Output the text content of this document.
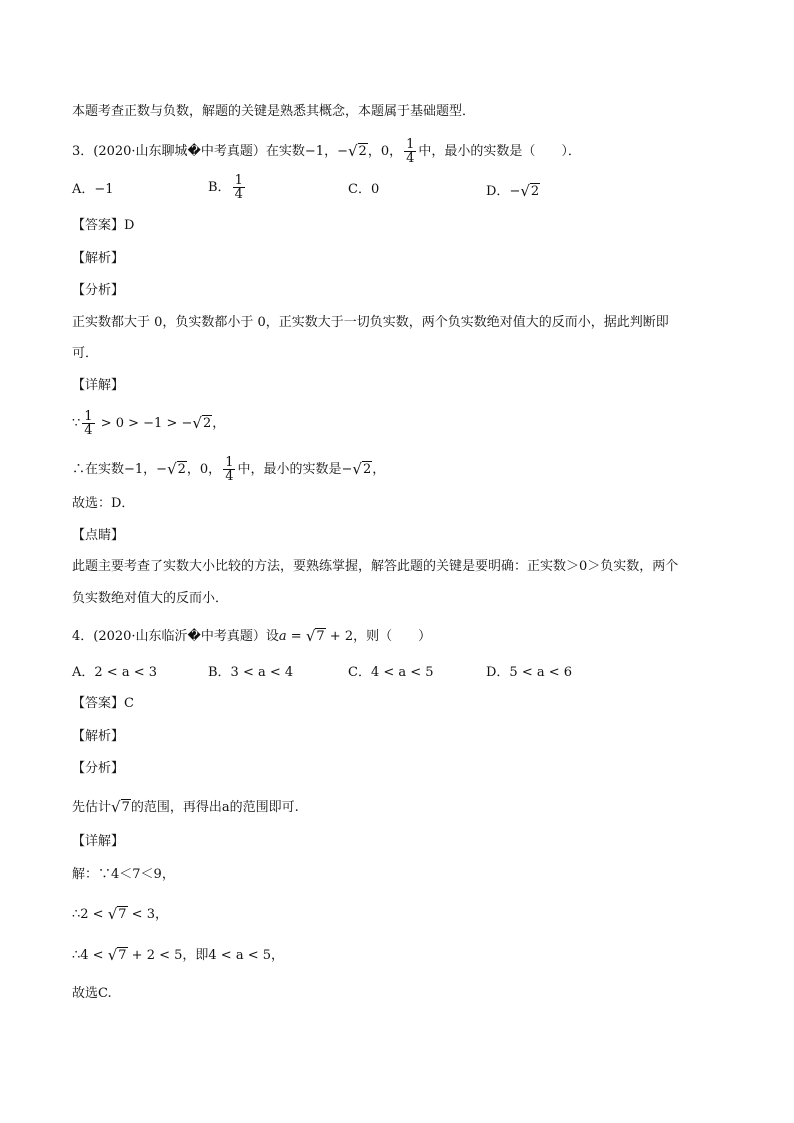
本题考查正数与负数，解题的关键是熟悉其概念，本题属于基础题型．
3．(2020·山东聊城�中考真题）在实数−1，−√2，0， $\frac{1}{4}$ 中，最小的实数是（　　）．
A．−1	B． $\frac{1}{4}$	C．0	D．−√2
【答案】D
【解析】
【分析】
正实数都大于 0，负实数都小于 0，正实数大于一切负实数，两个负实数绝对值大的反而小，据此判断即
可．
【详解】
∵ $\frac{1}{4} > 0 > -1 > -√2$，
∴在实数−1，−√2，0， $\frac{1}{4}$ 中，最小的实数是−√2，
故选：D．
【点睛】
此题主要考查了实数大小比较的方法，要熟练掌握，解答此题的关键是要明确：正实数＞0＞负实数，两个
负实数绝对值大的反而小．
4．(2020·山东临沂�中考真题）设a = √7 + 2，则（　　）
A．2 < a < 3	B．3 < a < 4	C．4 < a < 5	D．5 < a < 6
【答案】C
【解析】
【分析】
先估计√7的范围，再得出a的范围即可.
【详解】
解：∵4＜7＜9，
∴2 < √7 < 3，
∴4 < √7 + 2 < 5，即4 < a < 5，
故选C.
